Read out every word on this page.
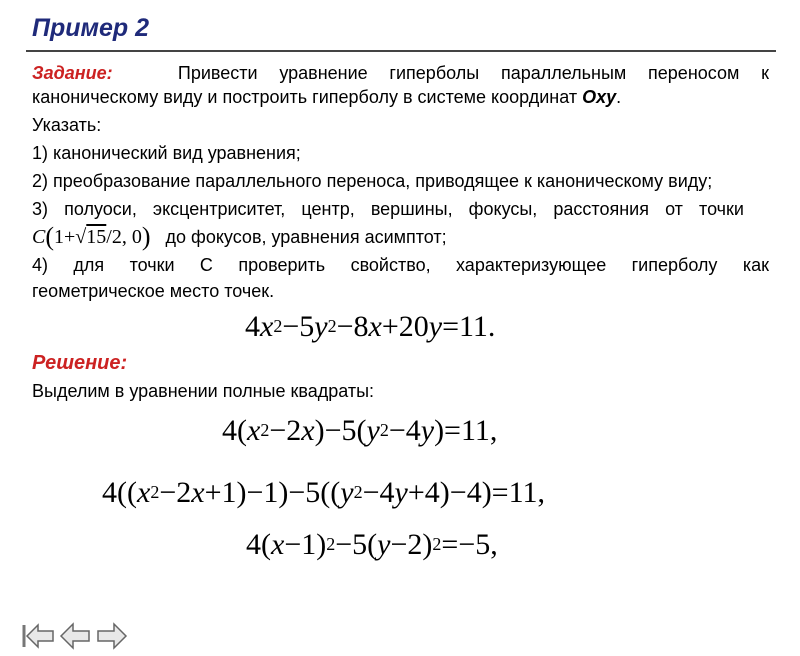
Пример 2
Задание:	Привести уравнение гиперболы параллельным переносом к
каноническому виду и построить гиперболу в системе координат Oxy.
Указать:
1) канонический вид уравнения;
2) преобразование параллельного переноса, приводящее к каноническому виду;
3) полуоси, эксцентриситет, центр, вершины, фокусы, расстояния от точки
C(1+√15/2, 0) до фокусов, уравнения асимптот;
4) для точки С проверить свойство, характеризующее гиперболу как
геометрическое место точек.
$4x^2-5y^2-8x+20y=11$.
Решение:
Выделим в уравнении полные квадраты:
$4(x^2-2x)-5(y^2-4y)=11$,
$4((x^2-2x+1)-1)-5((y^2-4y+4)-4)=11$,
$4(x-1)^2-5(y-2)^2=-5$,
